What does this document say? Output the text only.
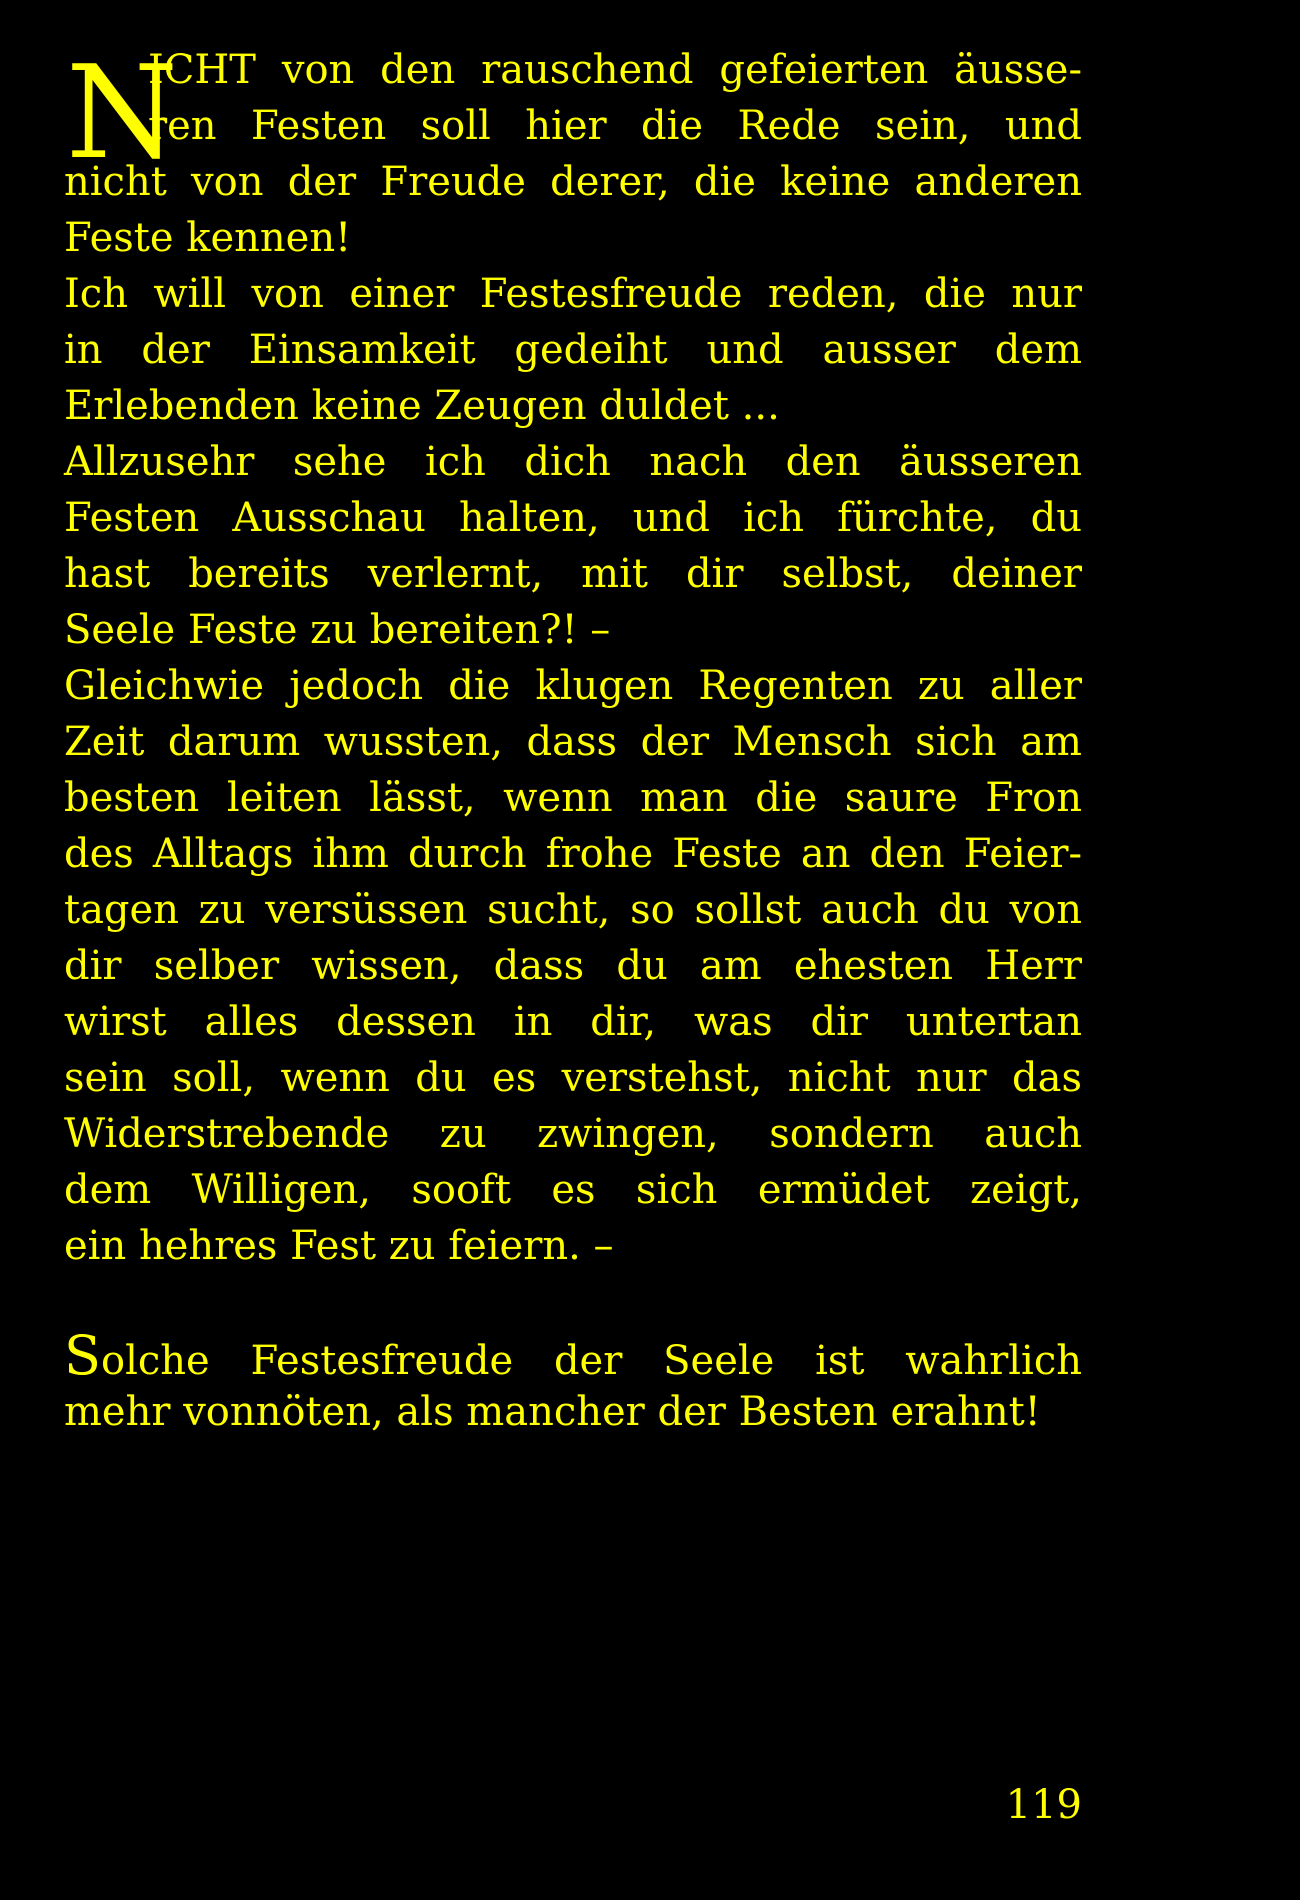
N
ICHT von den rauschend gefeierten äusse-
ren Festen soll hier die Rede sein, und
nicht von der Freude derer, die keine anderen
Feste kennen!
Ich will von einer Festesfreude reden, die nur
in der Einsamkeit gedeiht und ausser dem
Erlebenden keine Zeugen duldet ...
Allzusehr sehe ich dich nach den äusseren
Festen Ausschau halten, und ich fürchte, du
hast bereits verlernt, mit dir selbst, deiner
Seele Feste zu bereiten?! –
Gleichwie jedoch die klugen Regenten zu aller
Zeit darum wussten, dass der Mensch sich am
besten leiten lässt, wenn man die saure Fron
des Alltags ihm durch frohe Feste an den Feier-
tagen zu versüssen sucht, so sollst auch du von
dir selber wissen, dass du am ehesten Herr
wirst alles dessen in dir, was dir untertan
sein soll, wenn du es verstehst, nicht nur das
Widerstrebende zu zwingen, sondern auch
dem Willigen, sooft es sich ermüdet zeigt,
ein hehres Fest zu feiern. –
Solche Festesfreude der Seele ist wahrlich
mehr vonnöten, als mancher der Besten erahnt!
119
